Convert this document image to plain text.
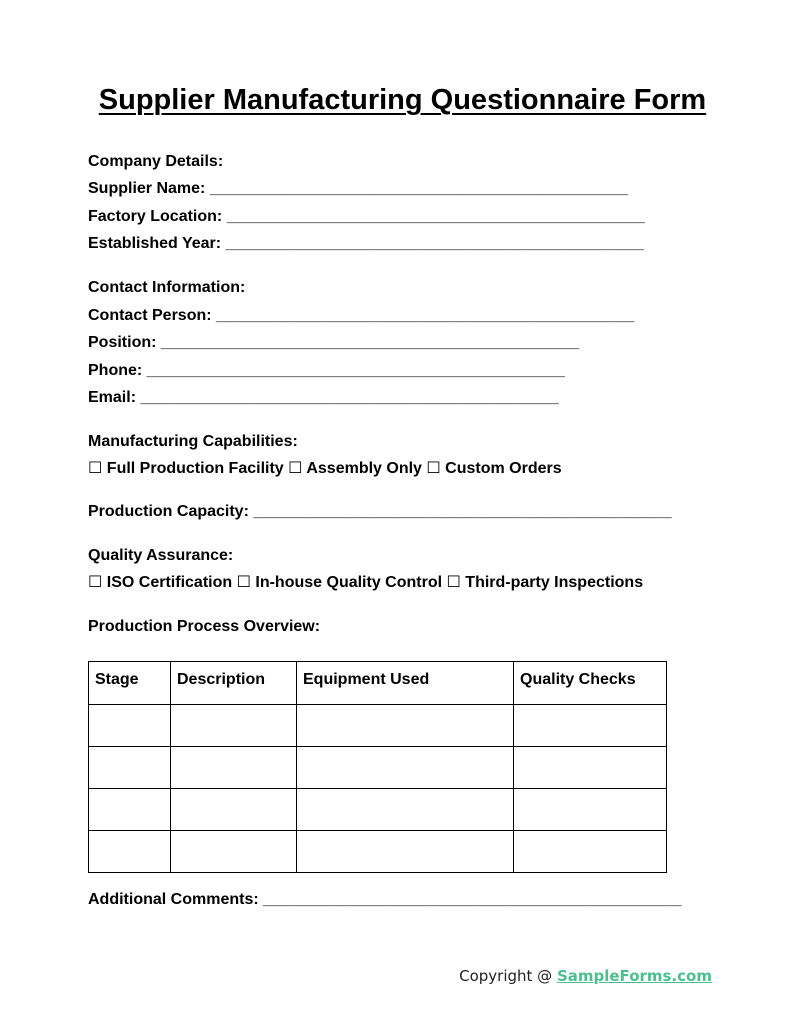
Supplier Manufacturing Questionnaire Form
Company Details:
Supplier Name: _______________________________________________
Factory Location: _______________________________________________
Established Year: _______________________________________________
Contact Information:
Contact Person: _______________________________________________
Position: _______________________________________________
Phone: _______________________________________________
Email: _______________________________________________
Manufacturing Capabilities:
☐ Full Production Facility ☐ Assembly Only ☐ Custom Orders
Production Capacity: _______________________________________________
Quality Assurance:
☐ ISO Certification ☐ In-house Quality Control ☐ Third-party Inspections
Production Process Overview:
Stage	Description	Equipment Used	Quality Checks

Additional Comments: _______________________________________________
Copyright @ SampleForms.com
